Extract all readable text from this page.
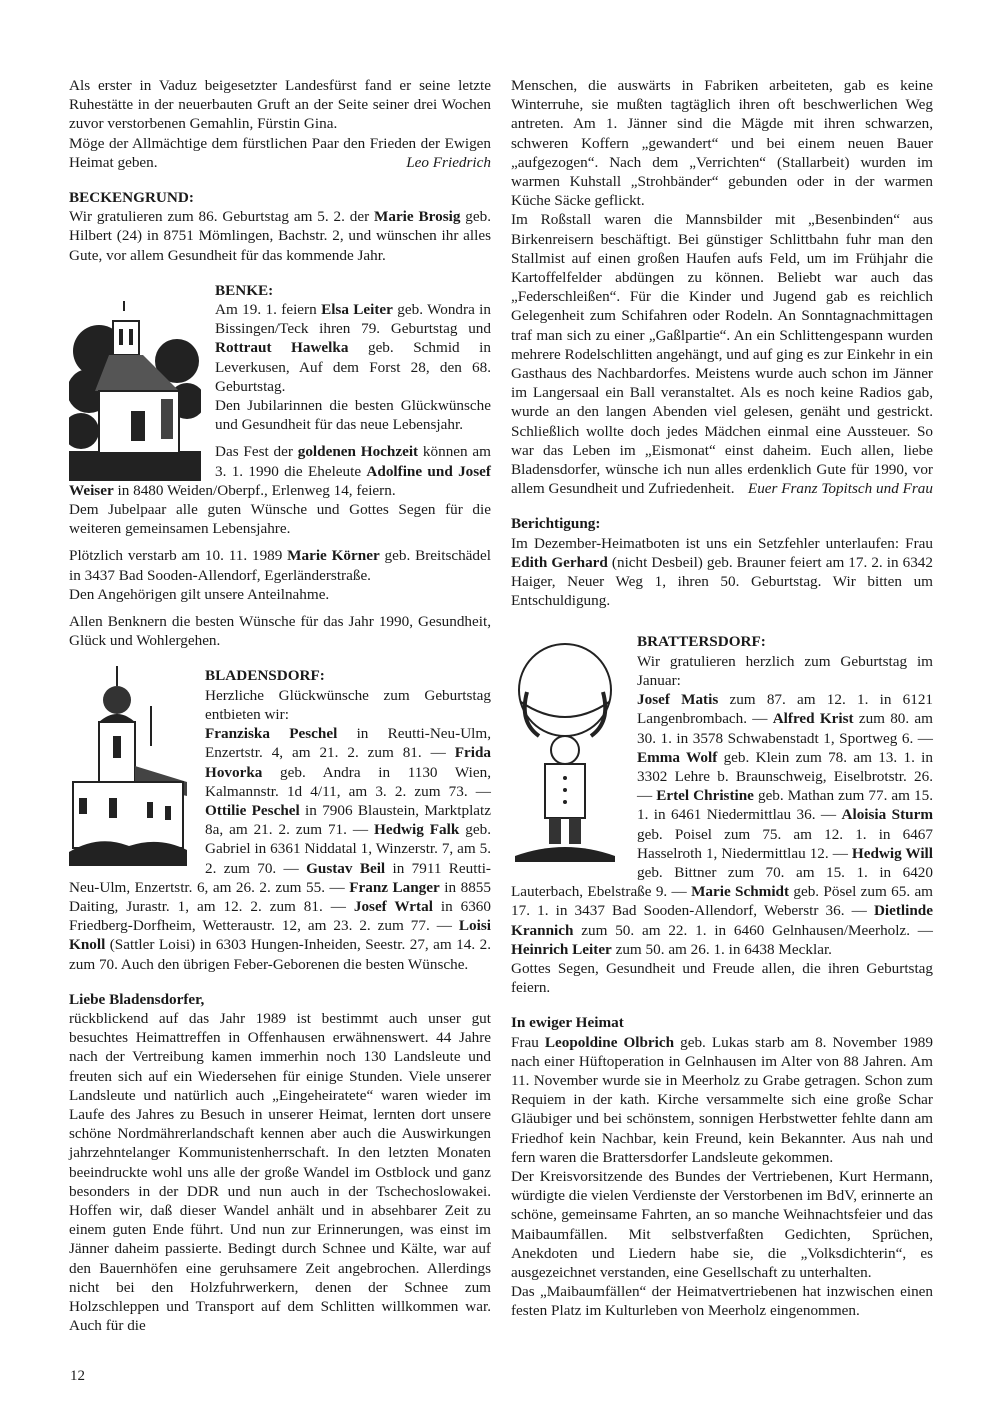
Als erster in Vaduz beigesetzter Landesfürst fand er seine letzte Ruhestätte in der neuerbauten Gruft an der Seite seiner drei Wochen zuvor verstorbenen Gemahlin, Fürstin Gina.

Möge der Allmächtige dem fürstlichen Paar den Frieden der Ewigen Heimat geben.	Leo Friedrich

BECKENGRUND:

Wir gratulieren zum 86. Geburtstag am 5. 2. der Marie Brosig geb. Hilbert (24) in 8751 Mömlingen, Bachstr. 2, und wünschen ihr alles Gute, vor allem Gesundheit für das kommende Jahr.

BENKE:

Am 19. 1. feiern Elsa Leiter geb. Wondra in Bissingen/Teck ihren 79. Geburtstag und Rottraut Hawelka geb. Schmid in Leverkusen, Auf dem Forst 28, den 68. Geburtstag.

Den Jubilarinnen die besten Glückwünsche und Gesundheit für das neue Lebensjahr.

Das Fest der goldenen Hochzeit können am 3. 1. 1990 die Eheleute Adolfine und Josef Weiser in 8480 Weiden/Oberpf., Erlenweg 14, feiern.

Dem Jubelpaar alle guten Wünsche und Gottes Segen für die weiteren gemeinsamen Lebensjahre.

Plötzlich verstarb am 10. 11. 1989 Marie Körner geb. Breitschädel in 3437 Bad Sooden-Allendorf, Egerländerstraße.

Den Angehörigen gilt unsere Anteilnahme.

Allen Benknern die besten Wünsche für das Jahr 1990, Gesundheit, Glück und Wohlergehen.

BLADENSDORF:

Herzliche Glückwünsche zum Geburtstag entbieten wir:

Franziska Peschel in Reutti-Neu-Ulm, Enzertstr. 4, am 21. 2. zum 81. — Frida Hovorka geb. Andra in 1130 Wien, Kalmannstr. 1d 4/11, am 3. 2. zum 73. — Ottilie Peschel in 7906 Blaustein, Marktplatz 8a, am 21. 2. zum 71. — Hedwig Falk geb. Gabriel in 6361 Niddatal 1, Winzerstr. 7, am 5. 2. zum 70. — Gustav Beil in 7911 Reutti-Neu-Ulm, Enzertstr. 6, am 26. 2. zum 55. — Franz Langer in 8855 Daiting, Jurastr. 1, am 12. 2. zum 81. — Josef Wrtal in 6360 Friedberg-Dorfheim, Wetteraustr. 12, am 23. 2. zum 77. — Loisi Knoll (Sattler Loisi) in 6303 Hungen-Inheiden, Seestr. 27, am 14. 2. zum 70. Auch den übrigen Feber-Geborenen die besten Wünsche.

Liebe Bladensdorfer,

rückblickend auf das Jahr 1989 ist bestimmt auch unser gut besuchtes Heimattreffen in Offenhausen erwähnenswert. 44 Jahre nach der Vertreibung kamen immerhin noch 130 Landsleute und freuten sich auf ein Wiedersehen für einige Stunden. Viele unserer Landsleute und natürlich auch „Eingeheiratete“ waren wieder im Laufe des Jahres zu Besuch in unserer Heimat, lernten dort unsere schöne Nordmährerlandschaft kennen aber auch die Auswirkungen jahrzehntelanger Kommunistenherrschaft. In den letzten Monaten beeindruckte wohl uns alle der große Wandel im Ostblock und ganz besonders in der DDR und nun auch in der Tschechoslowakei. Hoffen wir, daß dieser Wandel anhält und in absehbarer Zeit zu einem guten Ende führt. Und nun zur Erinnerungen, was einst im Jänner daheim passierte. Bedingt durch Schnee und Kälte, war auf den Bauernhöfen eine geruhsamere Zeit angebrochen. Allerdings nicht bei den Holzfuhrwerkern, denen der Schnee zum Holzschleppen und Transport auf dem Schlitten willkommen war. Auch für die

Menschen, die auswärts in Fabriken arbeiteten, gab es keine Winterruhe, sie mußten tagtäglich ihren oft beschwerlichen Weg antreten. Am 1. Jänner sind die Mägde mit ihren schwarzen, schweren Koffern „gewandert“ und bei einem neuen Bauer „aufgezogen“. Nach dem „Verrichten“ (Stallarbeit) wurden im warmen Kuhstall „Strohbänder“ gebunden oder in der warmen Küche Säcke geflickt.

Im Roßstall waren die Mannsbilder mit „Besenbinden“ aus Birkenreisern beschäftigt. Bei günstiger Schlittbahn fuhr man den Stallmist auf einen großen Haufen aufs Feld, um im Frühjahr die Kartoffelfelder abdüngen zu können. Beliebt war auch das „Federschleißen“. Für die Kinder und Jugend gab es reichlich Gelegenheit zum Schifahren oder Rodeln. An Sonntagnachmittagen traf man sich zu einer „Gaßlpartie“. An ein Schlittengespann wurden mehrere Rodelschlitten angehängt, und auf ging es zur Einkehr in ein Gasthaus des Nachbardorfes. Meistens wurde auch schon im Jänner im Langersaal ein Ball veranstaltet. Als es noch keine Radios gab, wurde an den langen Abenden viel gelesen, genäht und gestrickt. Schließlich wollte doch jedes Mädchen einmal eine Aussteuer. So war das Leben im „Eismonat“ einst daheim. Euch allen, liebe Bladensdorfer, wünsche ich nun alles erdenklich Gute für 1990, vor allem Gesundheit und Zufriedenheit. Euer Franz Topitsch und Frau

Berichtigung:

Im Dezember-Heimatboten ist uns ein Setzfehler unterlaufen: Frau Edith Gerhard (nicht Desbeil) geb. Brauner feiert am 17. 2. in 6342 Haiger, Neuer Weg 1, ihren 50. Geburtstag. Wir bitten um Entschuldigung.

BRATTERSDORF:

Wir gratulieren herzlich zum Geburtstag im Januar:

Josef Matis zum 87. am 12. 1. in 6121 Langenbrombach. — Alfred Krist zum 80. am 30. 1. in 3578 Schwabenstadt 1, Sportweg 6. — Emma Wolf geb. Klein zum 78. am 13. 1. in 3302 Lehre b. Braunschweig, Eiselbrotstr. 26. — Ertel Christine geb. Mathan zum 77. am 15. 1. in 6461 Niedermittlau 36. — Aloisia Sturm geb. Poisel zum 75. am 12. 1. in 6467 Hasselroth 1, Niedermittlau 12. — Hedwig Will geb. Bittner zum 70. am 15. 1. in 6420 Lauterbach, Ebelstraße 9. — Marie Schmidt geb. Pösel zum 65. am 17. 1. in 3437 Bad Sooden-Allendorf, Weberstr 36. — Dietlinde Krannich zum 50. am 22. 1. in 6460 Gelnhausen/Meerholz. — Heinrich Leiter zum 50. am 26. 1. in 6438 Mecklar.

Gottes Segen, Gesundheit und Freude allen, die ihren Geburtstag feiern.

In ewiger Heimat

Frau Leopoldine Olbrich geb. Lukas starb am 8. November 1989 nach einer Hüftoperation in Gelnhausen im Alter von 88 Jahren. Am 11. November wurde sie in Meerholz zu Grabe getragen. Schon zum Requiem in der kath. Kirche versammelte sich eine große Schar Gläubiger und bei schönstem, sonnigen Herbstwetter fehlte dann am Friedhof kein Nachbar, kein Freund, kein Bekannter. Aus nah und fern waren die Brattersdorfer Landsleute gekommen.

Der Kreisvorsitzende des Bundes der Vertriebenen, Kurt Hermann, würdigte die vielen Verdienste der Verstorbenen im BdV, erinnerte an schöne, gemeinsame Fahrten, an so manche Weihnachtsfeier und das Maibaumfällen. Mit selbstverfaßten Gedichten, Sprüchen, Anekdoten und Liedern habe sie, die „Volksdichterin“, es ausgezeichnet verstanden, eine Gesellschaft zu unterhalten.

Das „Maibaumfällen“ der Heimatvertriebenen hat inzwischen einen festen Platz im Kulturleben von Meerholz eingenommen.

12
